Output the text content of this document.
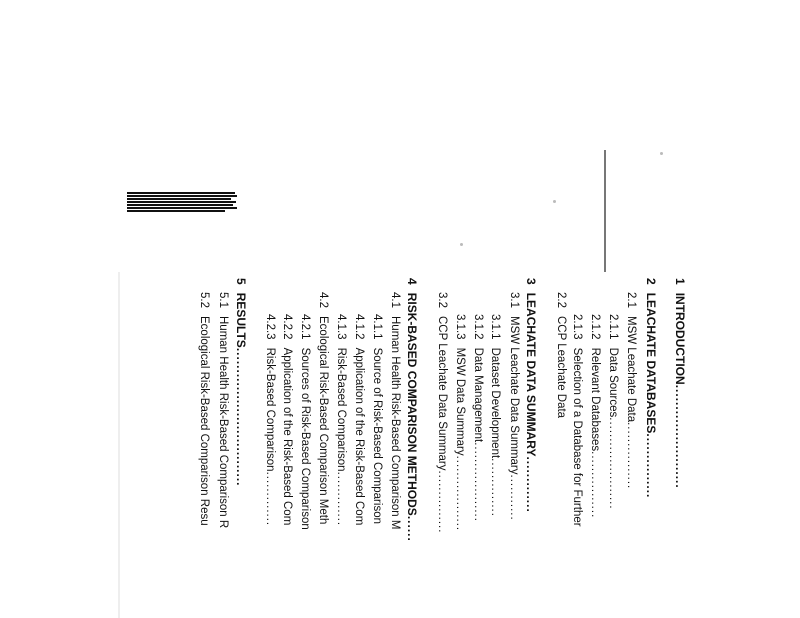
1INTRODUCTION........................
2LEACHATE DATABASES...............
2.1MSW Leachate Data................
2.1.1Data Sources......................
2.1.2Relevant Databases................
2.1.3Selection of a Database for Further
2.2CCP Leachate Data
3LEACHATE DATA SUMMARY.............
3.1MSW Leachate Data Summary...........
3.1.1Dataset Development..............
3.1.2Data Management...................
3.1.3MSW Data Summary..................
3.2CCP Leachate Data Summary...............
4RISK-BASED COMPARISON METHODS......
4.1Human Health Risk-Based Comparison M
4.1.1Source of Risk-Based Comparison
4.1.2Application of the Risk-Based Com
4.1.3Risk-Based Comparison.............
4.2Ecological Risk-Based Comparison Meth
4.2.1Sources of Risk-Based Comparison
4.2.2Application of the Risk-Based Com
4.2.3Risk-Based Comparison.............
5RESULTS................................
5.1Human Health Risk-Based Comparison R
5.2Ecological Risk-Based Comparison Resu
